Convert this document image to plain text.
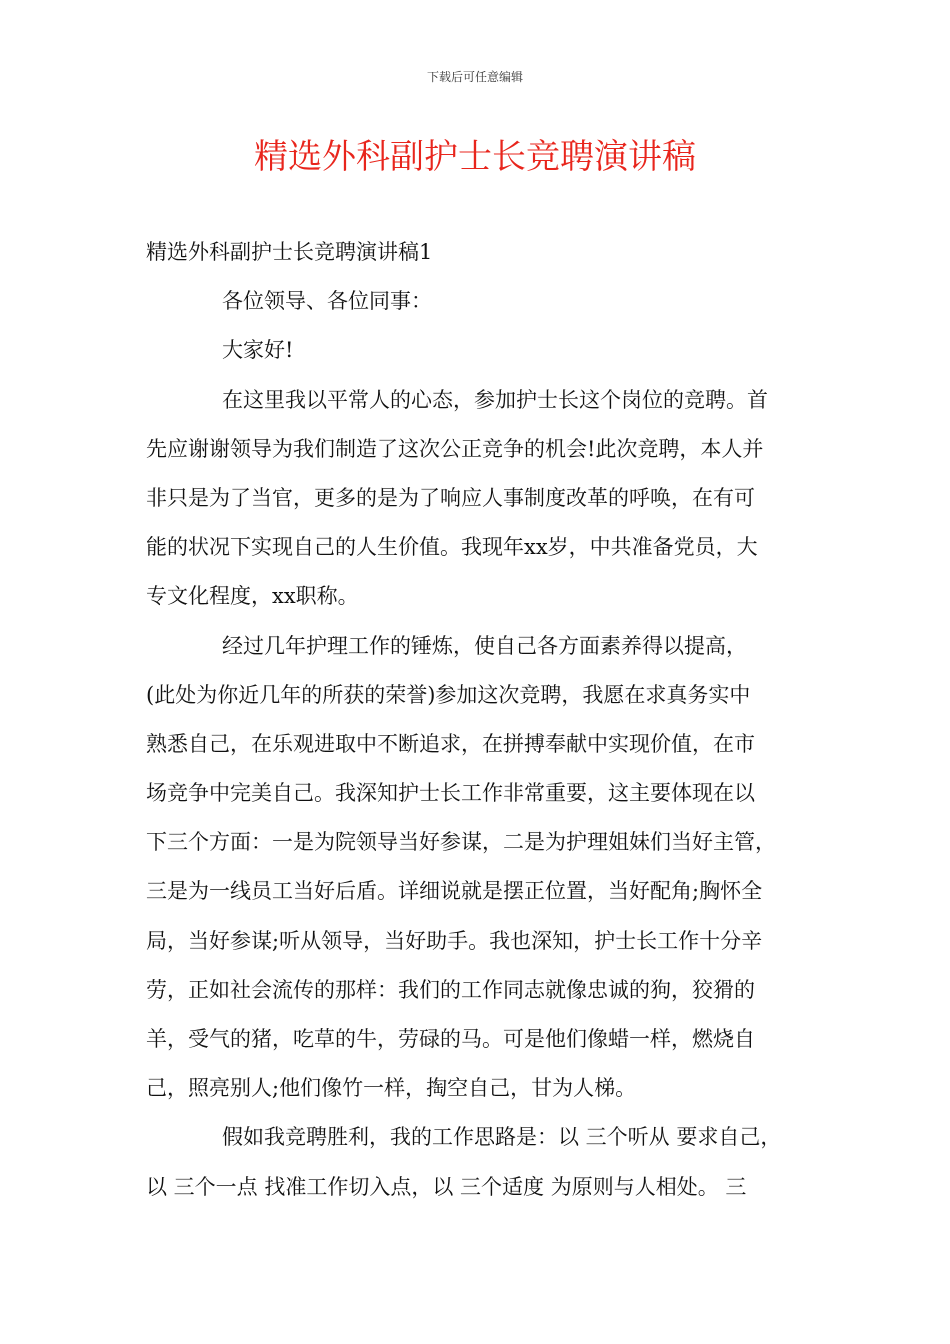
下载后可任意编辑
精选外科副护士长竞聘演讲稿
精选外科副护士长竞聘演讲稿1
各位领导、各位同事：
大家好!
在这里我以平常人的心态，参加护士长这个岗位的竞聘。首
先应谢谢领导为我们制造了这次公正竞争的机会!此次竞聘，本人并
非只是为了当官，更多的是为了响应人事制度改革的呼唤，在有可
能的状况下实现自己的人生价值。我现年xx岁，中共准备党员，大
专文化程度，xx职称。
经过几年护理工作的锤炼，使自己各方面素养得以提高，
(此处为你近几年的所获的荣誉)参加这次竞聘，我愿在求真务实中
熟悉自己，在乐观进取中不断追求，在拼搏奉献中实现价值，在市
场竞争中完美自己。我深知护士长工作非常重要，这主要体现在以
下三个方面：一是为院领导当好参谋，二是为护理姐妹们当好主管，
三是为一线员工当好后盾。详细说就是摆正位置，当好配角;胸怀全
局，当好参谋;听从领导，当好助手。我也深知，护士长工作十分辛
劳，正如社会流传的那样：我们的工作同志就像忠诚的狗，狡猾的
羊，受气的猪，吃草的牛，劳碌的马。可是他们像蜡一样，燃烧自
己，照亮别人;他们像竹一样，掏空自己，甘为人梯。
假如我竞聘胜利，我的工作思路是：以 三个听从 要求自己，
以 三个一点 找准工作切入点，以 三个适度 为原则与人相处。 三
